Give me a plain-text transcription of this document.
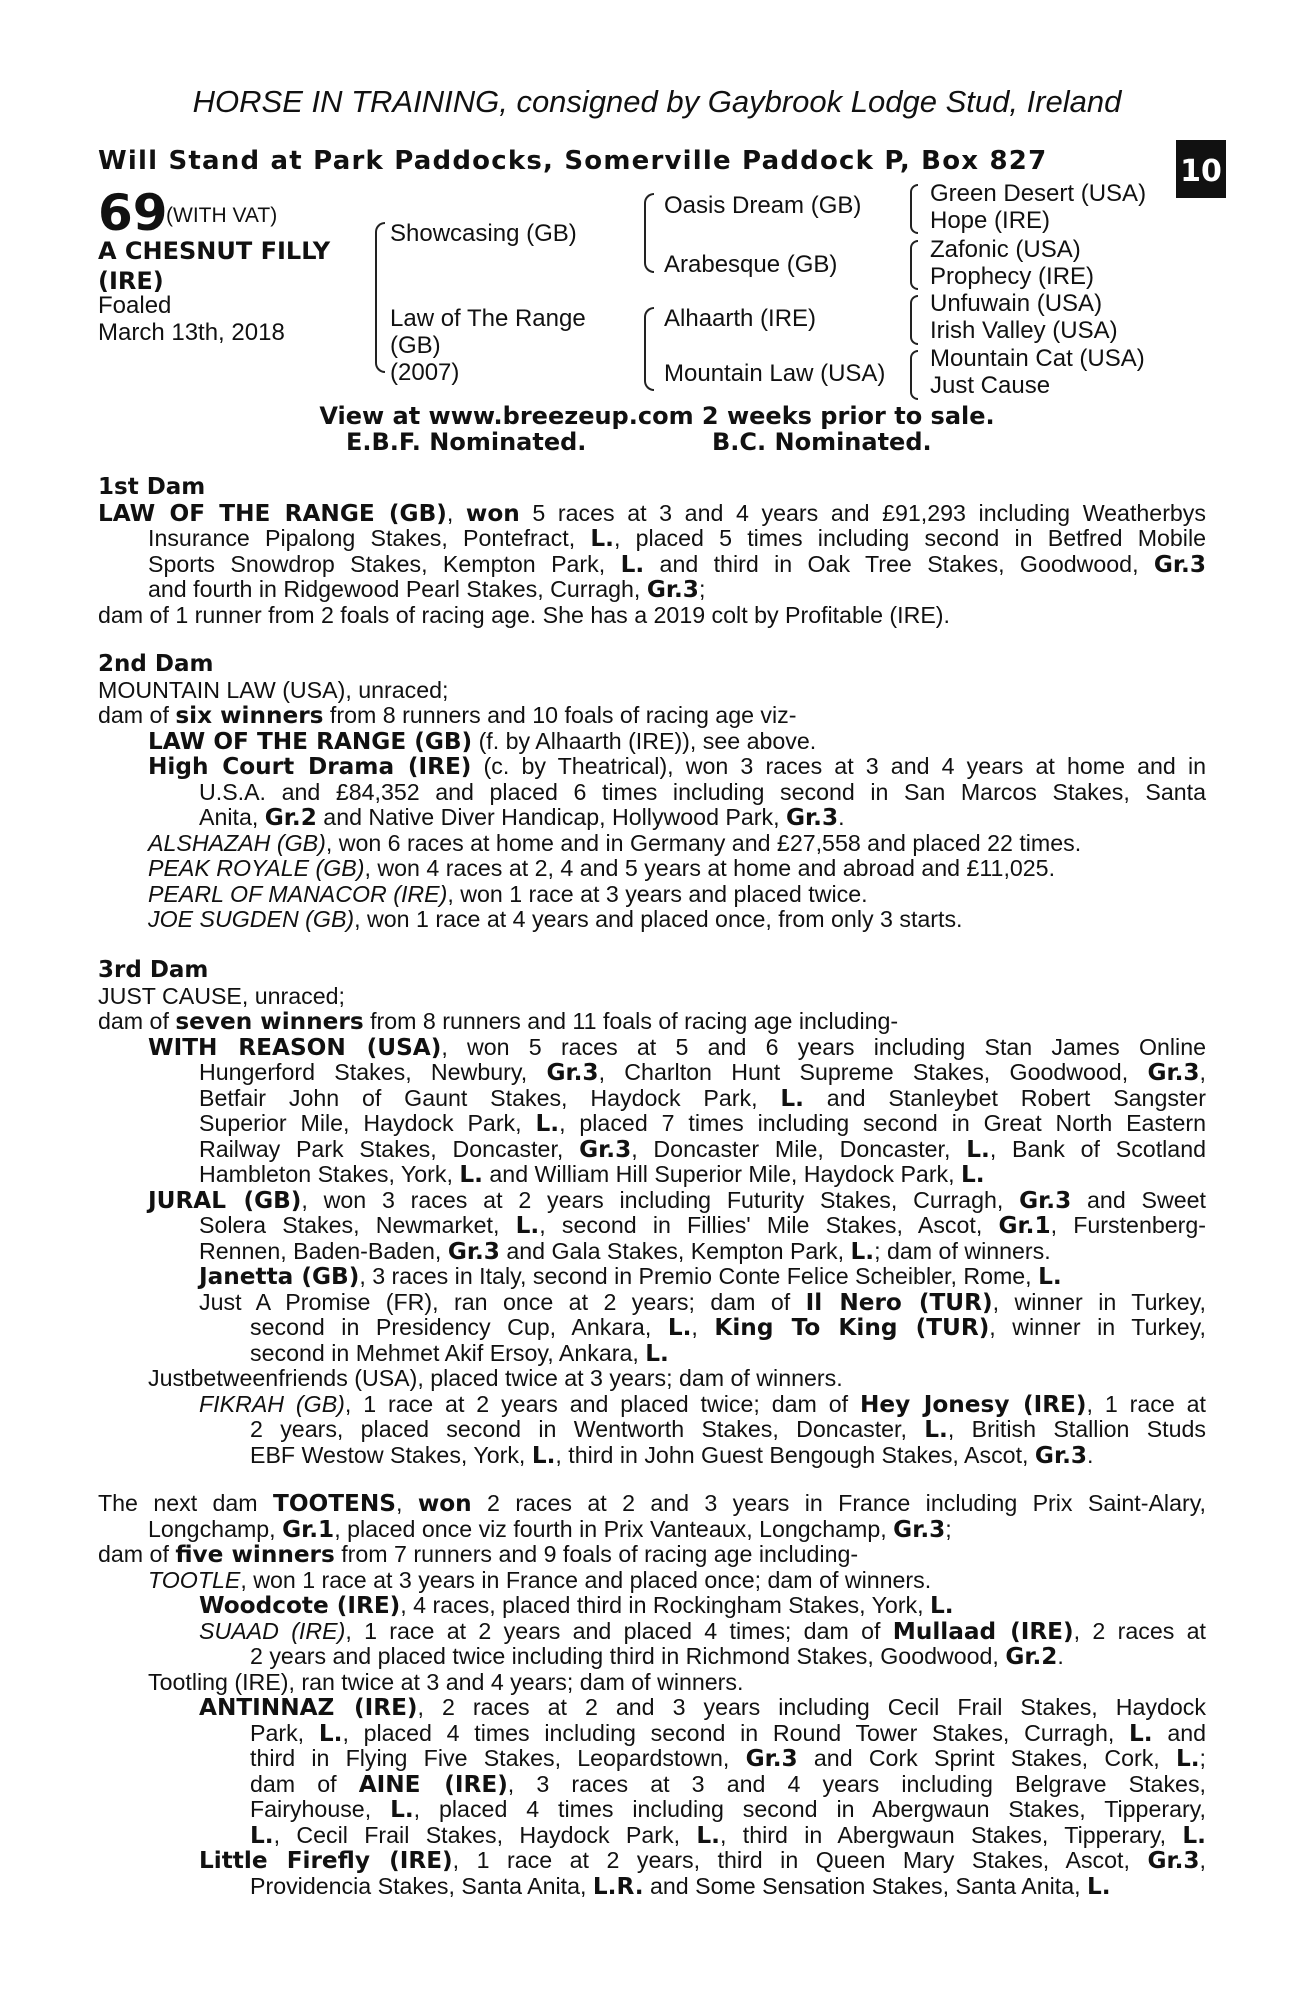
HORSE IN TRAINING, consigned by Gaybrook Lodge Stud, Ireland
Will Stand at Park Paddocks, Somerville Paddock P, Box 827
+
10
69
(WITH VAT)
A CHESNUT FILLY
(IRE)
Foaled
March 13th, 2018
Showcasing (GB)
Law of The Range
(GB)
(2007)
Oasis Dream (GB)
Arabesque (GB)
Alhaarth (IRE)
Mountain Law (USA)
Green Desert (USA)
Hope (IRE)
Zafonic (USA)
Prophecy (IRE)
Unfuwain (USA)
Irish Valley (USA)
Mountain Cat (USA)
Just Cause
View at www.breezeup.com 2 weeks prior to sale.
E.B.F. Nominated.	B.C. Nominated.
1st Dam
LAW OF THE RANGE (GB), won 5 races at 3 and 4 years and £91,293 including Weatherbys
Insurance Pipalong Stakes, Pontefract, L., placed 5 times including second in Betfred Mobile
Sports Snowdrop Stakes, Kempton Park, L. and third in Oak Tree Stakes, Goodwood, Gr.3
and fourth in Ridgewood Pearl Stakes, Curragh, Gr.3;
dam of 1 runner from 2 foals of racing age. She has a 2019 colt by Profitable (IRE).
2nd Dam
MOUNTAIN LAW (USA), unraced;
dam of six winners from 8 runners and 10 foals of racing age viz-
LAW OF THE RANGE (GB) (f. by Alhaarth (IRE)), see above.
High Court Drama (IRE) (c. by Theatrical), won 3 races at 3 and 4 years at home and in
U.S.A. and £84,352 and placed 6 times including second in San Marcos Stakes, Santa
Anita, Gr.2 and Native Diver Handicap, Hollywood Park, Gr.3.
ALSHAZAH (GB), won 6 races at home and in Germany and £27,558 and placed 22 times.
PEAK ROYALE (GB), won 4 races at 2, 4 and 5 years at home and abroad and £11,025.
PEARL OF MANACOR (IRE), won 1 race at 3 years and placed twice.
JOE SUGDEN (GB), won 1 race at 4 years and placed once, from only 3 starts.
3rd Dam
JUST CAUSE, unraced;
dam of seven winners from 8 runners and 11 foals of racing age including-
WITH REASON (USA), won 5 races at 5 and 6 years including Stan James Online
Hungerford Stakes, Newbury, Gr.3, Charlton Hunt Supreme Stakes, Goodwood, Gr.3,
Betfair John of Gaunt Stakes, Haydock Park, L. and Stanleybet Robert Sangster
Superior Mile, Haydock Park, L., placed 7 times including second in Great North Eastern
Railway Park Stakes, Doncaster, Gr.3, Doncaster Mile, Doncaster, L., Bank of Scotland
Hambleton Stakes, York, L. and William Hill Superior Mile, Haydock Park, L.
JURAL (GB), won 3 races at 2 years including Futurity Stakes, Curragh, Gr.3 and Sweet
Solera Stakes, Newmarket, L., second in Fillies' Mile Stakes, Ascot, Gr.1, Furstenberg-
Rennen, Baden-Baden, Gr.3 and Gala Stakes, Kempton Park, L.; dam of winners.
Janetta (GB), 3 races in Italy, second in Premio Conte Felice Scheibler, Rome, L.
Just A Promise (FR), ran once at 2 years; dam of Il Nero (TUR), winner in Turkey,
second in Presidency Cup, Ankara, L., King To King (TUR), winner in Turkey,
second in Mehmet Akif Ersoy, Ankara, L.
Justbetweenfriends (USA), placed twice at 3 years; dam of winners.
FIKRAH (GB), 1 race at 2 years and placed twice; dam of Hey Jonesy (IRE), 1 race at
2 years, placed second in Wentworth Stakes, Doncaster, L., British Stallion Studs
EBF Westow Stakes, York, L., third in John Guest Bengough Stakes, Ascot, Gr.3.
The next dam TOOTENS, won 2 races at 2 and 3 years in France including Prix Saint-Alary,
Longchamp, Gr.1, placed once viz fourth in Prix Vanteaux, Longchamp, Gr.3;
dam of five winners from 7 runners and 9 foals of racing age including-
TOOTLE, won 1 race at 3 years in France and placed once; dam of winners.
Woodcote (IRE), 4 races, placed third in Rockingham Stakes, York, L.
SUAAD (IRE), 1 race at 2 years and placed 4 times; dam of Mullaad (IRE), 2 races at
2 years and placed twice including third in Richmond Stakes, Goodwood, Gr.2.
Tootling (IRE), ran twice at 3 and 4 years; dam of winners.
ANTINNAZ (IRE), 2 races at 2 and 3 years including Cecil Frail Stakes, Haydock
Park, L., placed 4 times including second in Round Tower Stakes, Curragh, L. and
third in Flying Five Stakes, Leopardstown, Gr.3 and Cork Sprint Stakes, Cork, L.;
dam of AINE (IRE), 3 races at 3 and 4 years including Belgrave Stakes,
Fairyhouse, L., placed 4 times including second in Abergwaun Stakes, Tipperary,
L., Cecil Frail Stakes, Haydock Park, L., third in Abergwaun Stakes, Tipperary, L.
Little Firefly (IRE), 1 race at 2 years, third in Queen Mary Stakes, Ascot, Gr.3,
Providencia Stakes, Santa Anita, L.R. and Some Sensation Stakes, Santa Anita, L.
